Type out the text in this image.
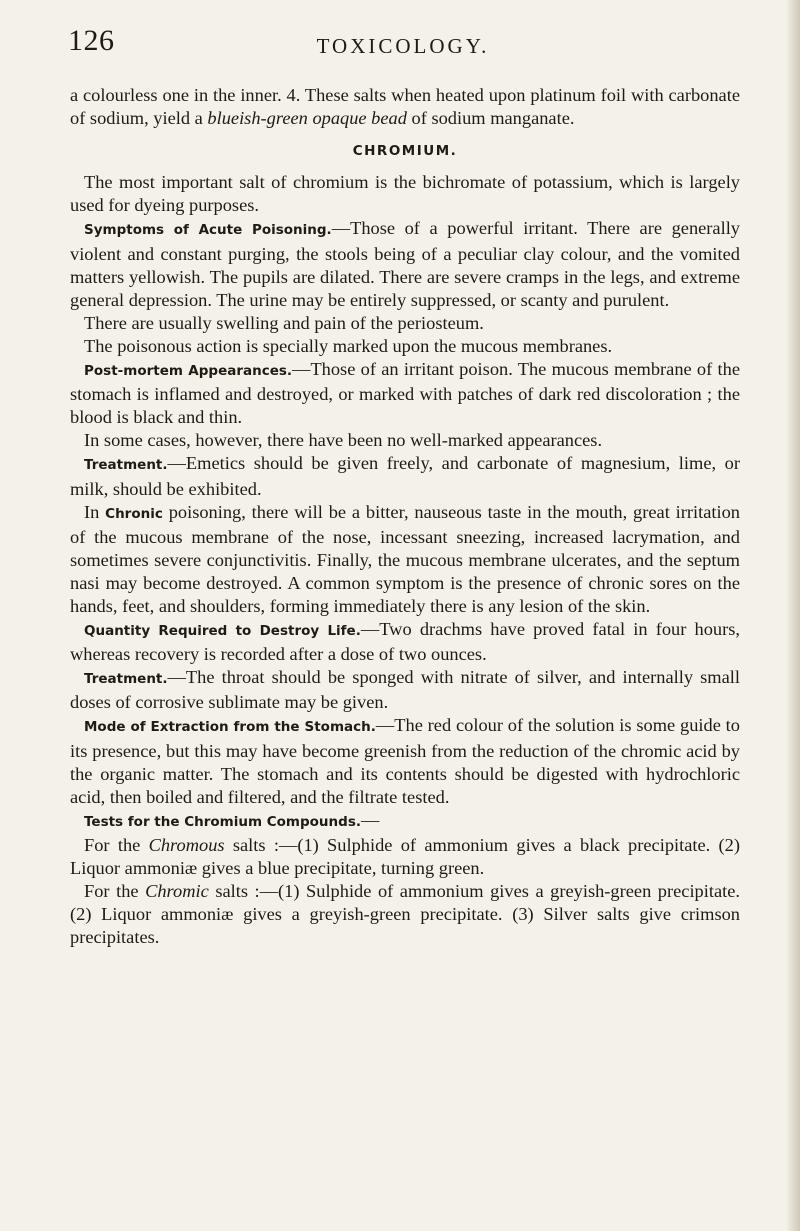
126	TOXICOLOGY.

a colourless one in the inner. 4. These salts when heated upon platinum foil with carbonate of sodium, yield a blueish-green opaque bead of sodium manganate.

CHROMIUM.

The most important salt of chromium is the bichromate of potassium, which is largely used for dyeing purposes.

Symptoms of Acute Poisoning.—Those of a powerful irritant. There are generally violent and constant purging, the stools being of a peculiar clay colour, and the vomited matters yellowish. The pupils are dilated. There are severe cramps in the legs, and extreme general depression. The urine may be entirely suppressed, or scanty and purulent.

There are usually swelling and pain of the periosteum.

The poisonous action is specially marked upon the mucous membranes.

Post-mortem Appearances.—Those of an irritant poison. The mucous membrane of the stomach is inflamed and destroyed, or marked with patches of dark red discoloration ; the blood is black and thin.

In some cases, however, there have been no well-marked appearances.

Treatment.—Emetics should be given freely, and carbonate of magnesium, lime, or milk, should be exhibited.

In Chronic poisoning, there will be a bitter, nauseous taste in the mouth, great irritation of the mucous membrane of the nose, incessant sneezing, increased lacrymation, and sometimes severe conjunctivitis. Finally, the mucous membrane ulcerates, and the septum nasi may become destroyed. A common symptom is the presence of chronic sores on the hands, feet, and shoulders, forming immediately there is any lesion of the skin.

Quantity Required to Destroy Life.—Two drachms have proved fatal in four hours, whereas recovery is recorded after a dose of two ounces.

Treatment.—The throat should be sponged with nitrate of silver, and internally small doses of corrosive sublimate may be given.

Mode of Extraction from the Stomach.—The red colour of the solution is some guide to its presence, but this may have become greenish from the reduction of the chromic acid by the organic matter. The stomach and its contents should be digested with hydrochloric acid, then boiled and filtered, and the filtrate tested.

Tests for the Chromium Compounds.—

For the Chromous salts :—(1) Sulphide of ammonium gives a black precipitate. (2) Liquor ammoniæ gives a blue precipitate, turning green.

For the Chromic salts :—(1) Sulphide of ammonium gives a greyish-green precipitate. (2) Liquor ammoniæ gives a greyish-green precipitate. (3) Silver salts give crimson precipitates.
